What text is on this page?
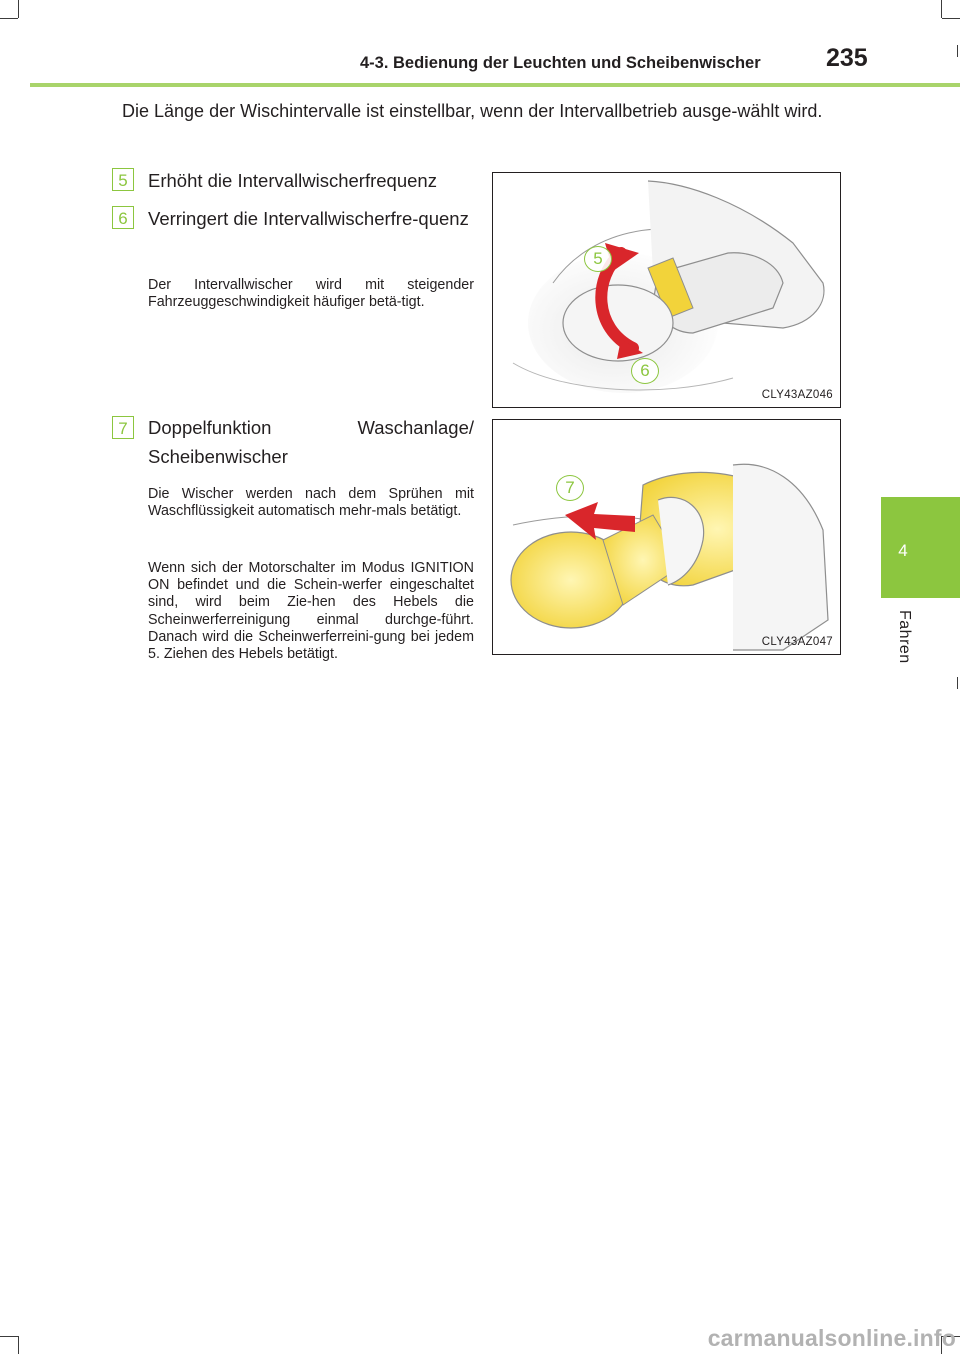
4-3. Bedienung der Leuchten und Scheibenwischer	235
4
Fahren
Die Länge der Wischintervalle ist einstellbar, wenn der Intervallbetrieb ausge-wählt wird.
5	Erhöht die Intervallwischerfrequenz
6	Verringert die Intervallwischerfre-quenz
Der Intervallwischer wird mit steigender Fahrzeuggeschwindigkeit häufiger betä-tigt.
7	Doppelfunktion Waschanlage/ Scheibenwischer
Die Wischer werden nach dem Sprühen mit Waschflüssigkeit automatisch mehr-mals betätigt.
Wenn sich der Motorschalter im Modus IGNITION ON befindet und die Schein-werfer eingeschaltet sind, wird beim Zie-hen des Hebels die Scheinwerferreinigung einmal durchge-führt. Danach wird die Scheinwerferreini-gung bei jedem 5. Ziehen des Hebels betätigt.
5
6
CLY43AZ046
7
CLY43AZ047
carmanualsonline.info
